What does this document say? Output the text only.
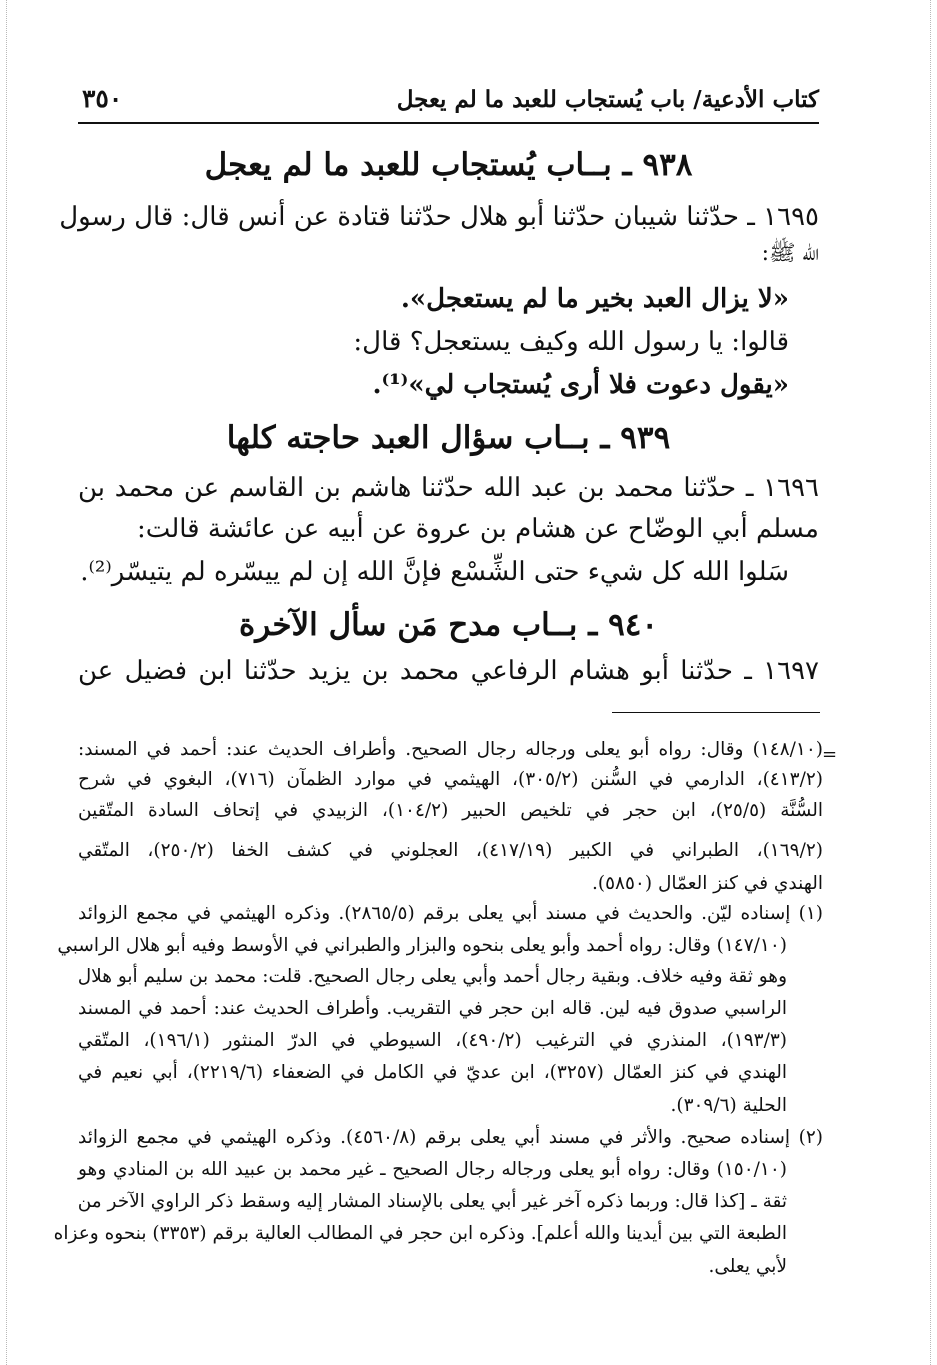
كتاب الأدعية/ باب يُستجاب للعبد ما لم يعجل
٣٥٠
٩٣٨ ـ بــاب يُستجاب للعبد ما لم يعجل
١٦٩٥ ـ حدّثنا شيبان حدّثنا أبو هلال حدّثنا قتادة عن أنس قال: قال رسول
الله ﷺ:
«لا يزال العبد بخير ما لم يستعجل».
قالوا: يا رسول الله وكيف يستعجل؟ قال:
«يقول دعوت فلا أرى يُستجاب لي»⁽¹⁾.
٩٣٩ ـ بــاب سؤال العبد حاجته كلها
١٦٩٦ ـ حدّثنا محمد بن عبد الله حدّثنا هاشم بن القاسم عن محمد بن
مسلم أبي الوضّاح عن هشام بن عروة عن أبيه عن عائشة قالت:
سَلوا الله كل شيء حتى الشِّسْع فإنَّ الله إن لم ييسّره لم يتيسّر⁽²⁾.
٩٤٠ ـ بــاب مدح مَن سأل الآخرة
١٦٩٧ ـ حدّثنا أبو هشام الرفاعي محمد بن يزيد حدّثنا ابن فضيل عن
=
(١٤٨/١٠) وقال: رواه أبو يعلى ورجاله رجال الصحيح. وأطراف الحديث عند: أحمد في المسند:
(٤١٣/٢)، الدارمي في السُّنن (٣٠٥/٢)، الهيثمي في موارد الظمآن (٧١٦)، البغوي في شرح
السُّنَّة (٢٥/٥)، ابن حجر في تلخيص الحبير (١٠٤/٢)، الزبيدي في إتحاف السادة المتّقين
(١٦٩/٢)، الطبراني في الكبير (٤١٧/١٩)، العجلوني في كشف الخفا (٢٥٠/٢)، المتّقي
الهندي في كنز العمّال (٥٨٥٠).
(١) إسناده ليّن. والحديث في مسند أبي يعلى برقم (٢٨٦٥/٥). وذكره الهيثمي في مجمع الزوائد
(١٤٧/١٠) وقال: رواه أحمد وأبو يعلى بنحوه والبزار والطبراني في الأوسط وفيه أبو هلال الراسبي
وهو ثقة وفيه خلاف. وبقية رجال أحمد وأبي يعلى رجال الصحيح. قلت: محمد بن سليم أبو هلال
الراسبي صدوق فيه لين. قاله ابن حجر في التقريب. وأطراف الحديث عند: أحمد في المسند
(١٩٣/٣)، المنذري في الترغيب (٤٩٠/٢)، السيوطي في الدرّ المنثور (١٩٦/١)، المتّقي
الهندي في كنز العمّال (٣٢٥٧)، ابن عديّ في الكامل في الضعفاء (٢٢١٩/٦)، أبي نعيم في
الحلية (٣٠٩/٦).
(٢) إسناده صحيح. والأثر في مسند أبي يعلى برقم (٤٥٦٠/٨). وذكره الهيثمي في مجمع الزوائد
(١٥٠/١٠) وقال: رواه أبو يعلى ورجاله رجال الصحيح ـ غير محمد بن عبيد الله بن المنادي وهو
ثقة ـ [كذا قال: وربما ذكره آخر غير أبي يعلى بالإسناد المشار إليه وسقط ذكر الراوي الآخر من
الطبعة التي بين أيدينا والله أعلم]. وذكره ابن حجر في المطالب العالية برقم (٣٣٥٣) بنحوه وعزاه
لأبي يعلى.
